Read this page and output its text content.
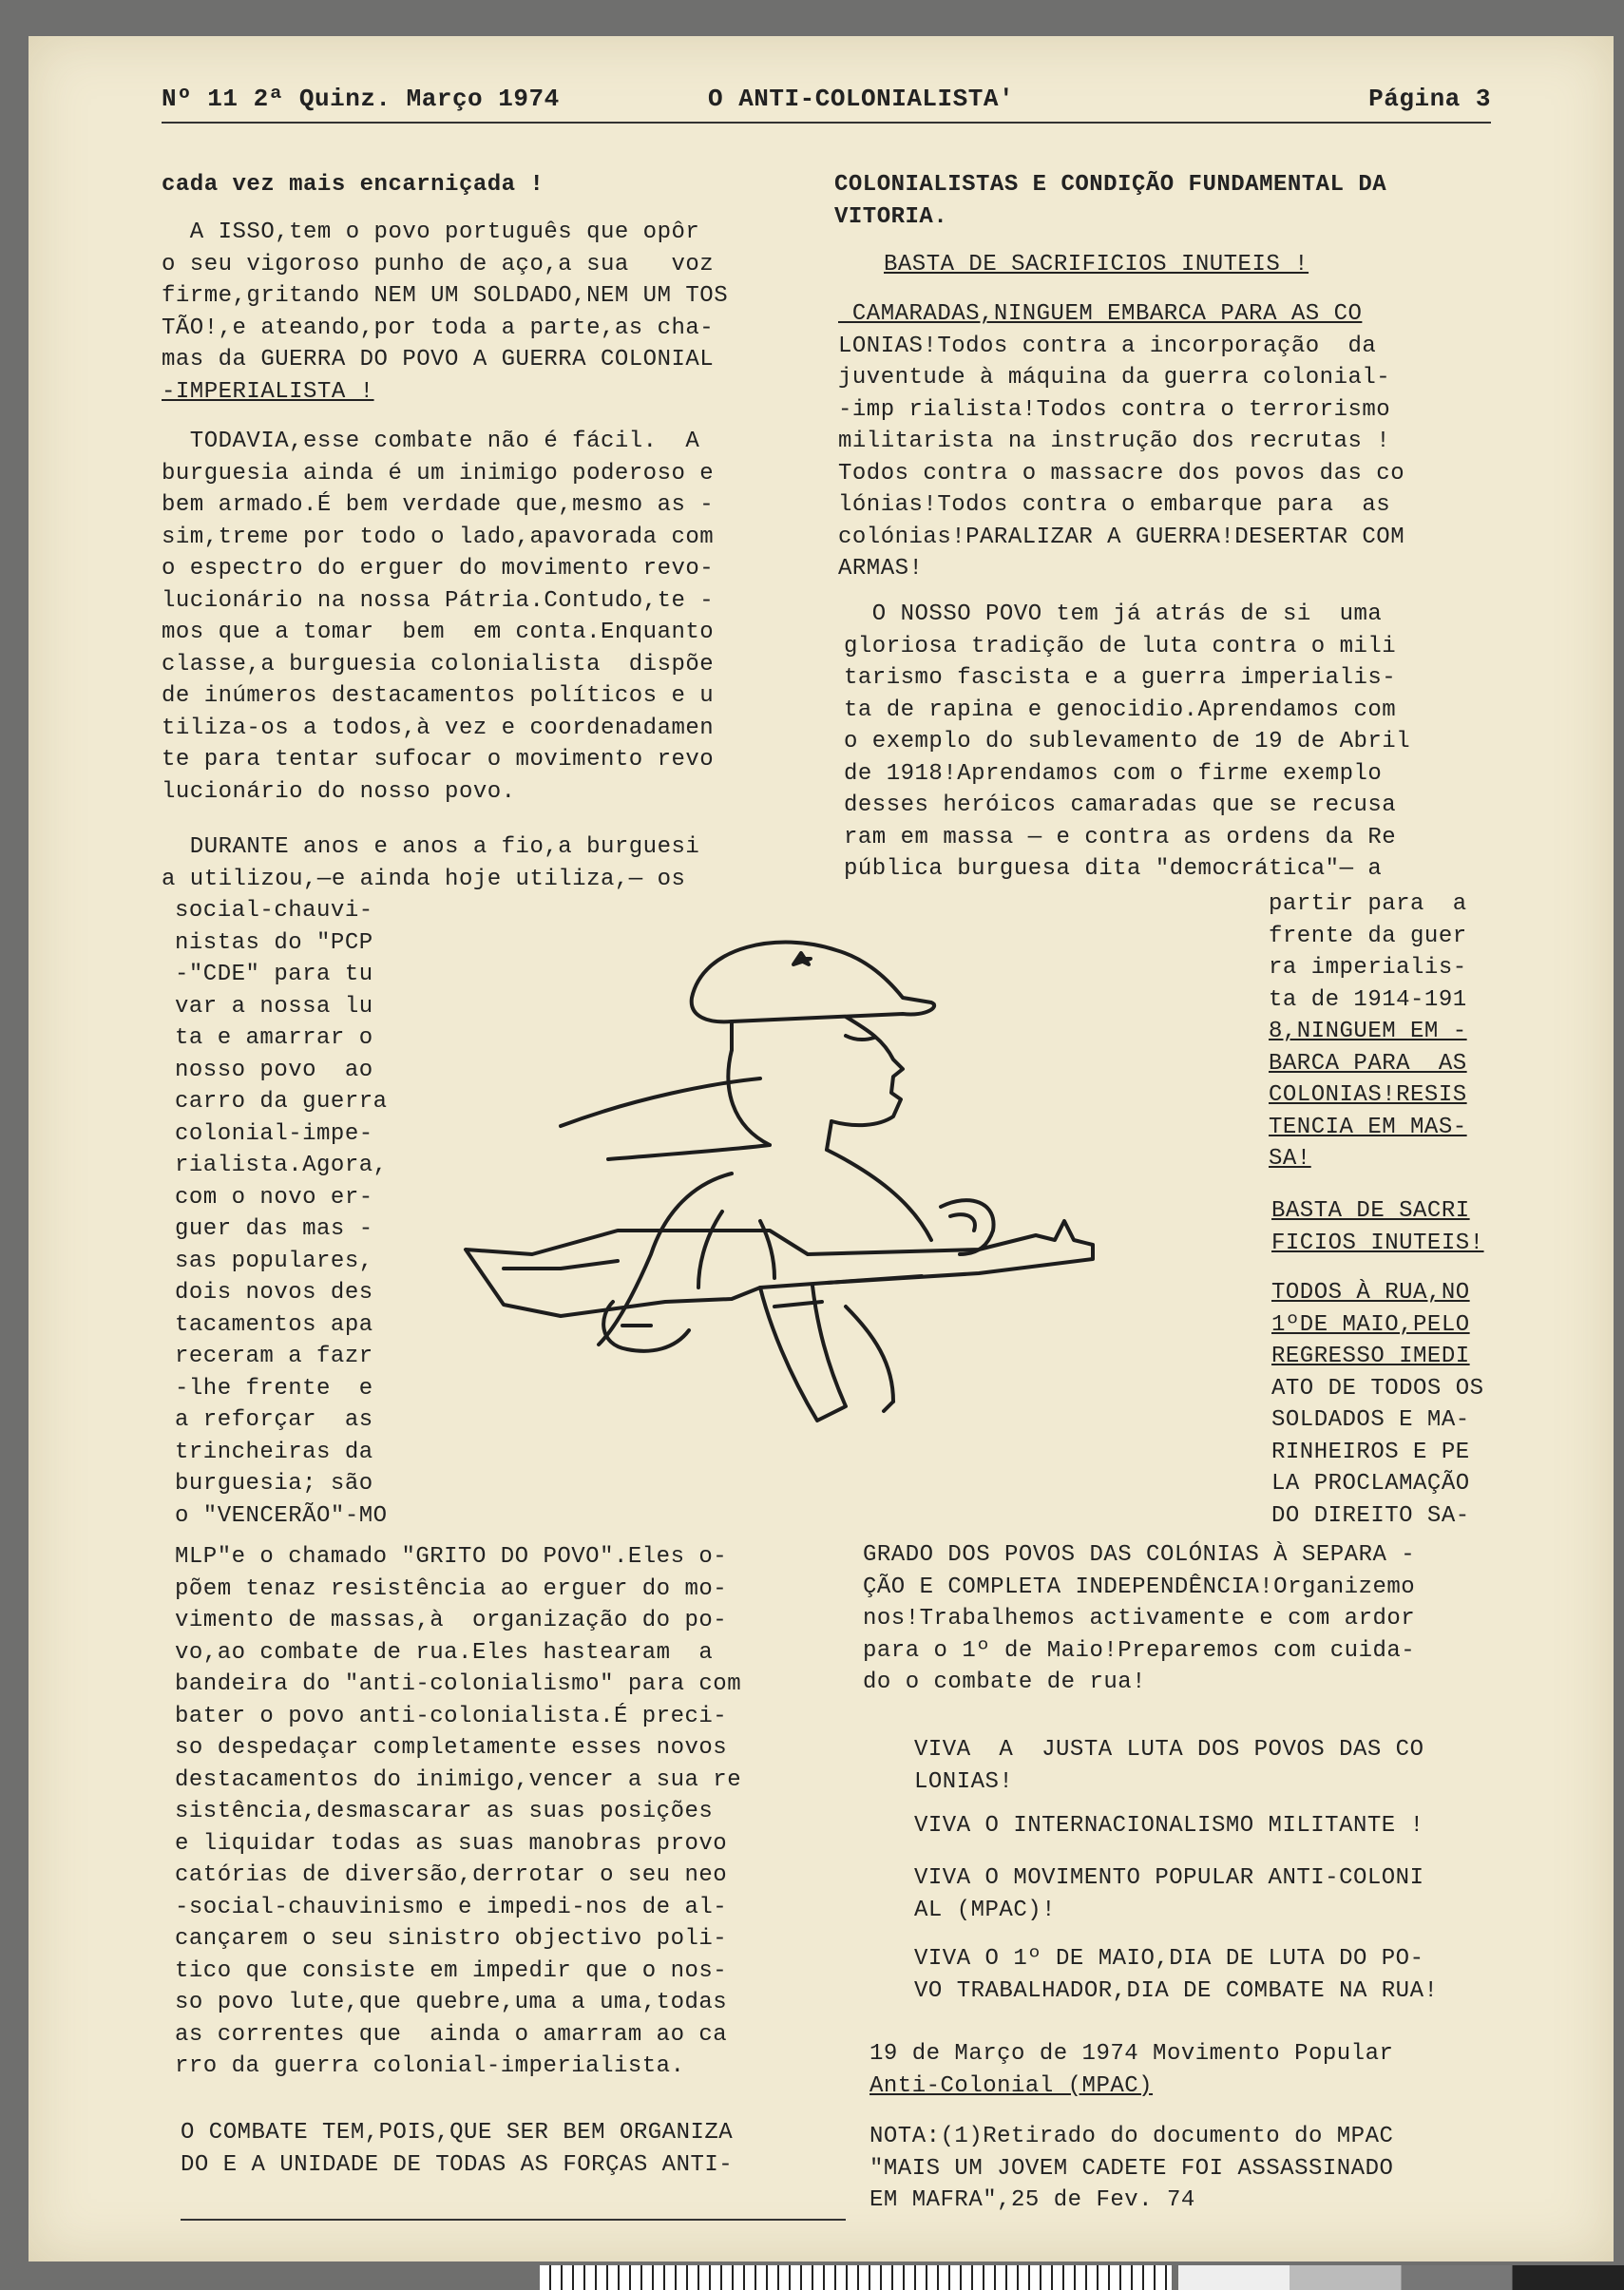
Nº 11 2ª Quinz. Março 1974	O ANTI-COLONIALISTA'	Página 3
cada vez mais encarniçada !
A ISSO,tem o povo português que opôr
o seu vigoroso punho de aço,a sua   voz
firme,gritando NEM UM SOLDADO,NEM UM TOS
TÃO!,e ateando,por toda a parte,as cha-
mas da GUERRA DO POVO A GUERRA COLONIAL
-IMPERIALISTA !
TODAVIA,esse combate não é fácil.  A
burguesia ainda é um inimigo poderoso e
bem armado.É bem verdade que,mesmo as -
sim,treme por todo o lado,apavorada com
o espectro do erguer do movimento revo-
lucionário na nossa Pátria.Contudo,te -
mos que a tomar  bem  em conta.Enquanto
classe,a burguesia colonialista  dispõe
de inúmeros destacamentos políticos e u
tiliza-os a todos,à vez e coordenadamen
te para tentar sufocar o movimento revo
lucionário do nosso povo.
DURANTE anos e anos a fio,a burguesi
a utilizou,—e ainda hoje utiliza,— os
social-chauvi-
nistas do "PCP
-"CDE" para tu
var a nossa lu
ta e amarrar o
nosso povo  ao
carro da guerra
colonial-impe-
rialista.Agora,
com o novo er-
guer das mas -
sas populares,
dois novos des
tacamentos apa
receram a fazr
-lhe frente  e
a reforçar  as
trincheiras da
burguesia; são
o "VENCERÃO"-MO
MLP"e o chamado "GRITO DO POVO".Eles o-
põem tenaz resistência ao erguer do mo-
vimento de massas,à  organização do po-
vo,ao combate de rua.Eles hastearam  a
bandeira do "anti-colonialismo" para com
bater o povo anti-colonialista.É preci-
so despedaçar completamente esses novos
destacamentos do inimigo,vencer a sua re
sistência,desmascarar as suas posições
e liquidar todas as suas manobras provo
catórias de diversão,derrotar o seu neo
-social-chauvinismo e impedi-nos de al-
cançarem o seu sinistro objectivo poli-
tico que consiste em impedir que o nos-
so povo lute,que quebre,uma a uma,todas
as correntes que  ainda o amarram ao ca
rro da guerra colonial-imperialista.
O COMBATE TEM,POIS,QUE SER BEM ORGANIZA
DO E A UNIDADE DE TODAS AS FORÇAS ANTI-
COLONIALISTAS E CONDIÇÃO FUNDAMENTAL DA
VITORIA.
BASTA DE SACRIFICIOS INUTEIS !
CAMARADAS,NINGUEM EMBARCA PARA AS CO
LONIAS!Todos contra a incorporação  da
juventude à máquina da guerra colonial-
-imp rialista!Todos contra o terrorismo
militarista na instrução dos recrutas !
Todos contra o massacre dos povos das co
lónias!Todos contra o embarque para  as
colónias!PARALIZAR A GUERRA!DESERTAR COM
ARMAS!
O NOSSO POVO tem já atrás de si  uma
gloriosa tradição de luta contra o mili
tarismo fascista e a guerra imperialis-
ta de rapina e genocidio.Aprendamos com
o exemplo do sublevamento de 19 de Abril
de 1918!Aprendamos com o firme exemplo
desses heróicos camaradas que se recusa
ram em massa — e contra as ordens da Re
pública burguesa dita "democrática"— a
partir para  a
frente da guer
ra imperialis-
ta de 1914-191
8,NINGUEM EM -
BARCA PARA  AS
COLONIAS!RESIS
TENCIA EM MAS-
SA!
BASTA DE SACRI
FICIOS INUTEIS!
TODOS À RUA,NO
1ºDE MAIO,PELO
REGRESSO IMEDI
ATO DE TODOS OS
SOLDADOS E MA-
RINHEIROS E PE
LA PROCLAMAÇÃO
DO DIREITO SA-
GRADO DOS POVOS DAS COLÓNIAS À SEPARA -
ÇÃO E COMPLETA INDEPENDÊNCIA!Organizemo
nos!Trabalhemos activamente e com ardor
para o 1º de Maio!Preparemos com cuida-
do o combate de rua!
VIVA  A  JUSTA LUTA DOS POVOS DAS CO
LONIAS!
VIVA O INTERNACIONALISMO MILITANTE !
VIVA O MOVIMENTO POPULAR ANTI-COLONI
AL (MPAC)!
VIVA O 1º DE MAIO,DIA DE LUTA DO PO-
VO TRABALHADOR,DIA DE COMBATE NA RUA!
19 de Março de 1974 Movimento Popular
Anti-Colonial (MPAC)
NOTA:(1)Retirado do documento do MPAC
"MAIS UM JOVEM CADETE FOI ASSASSINADO
EM MAFRA",25 de Fev. 74
